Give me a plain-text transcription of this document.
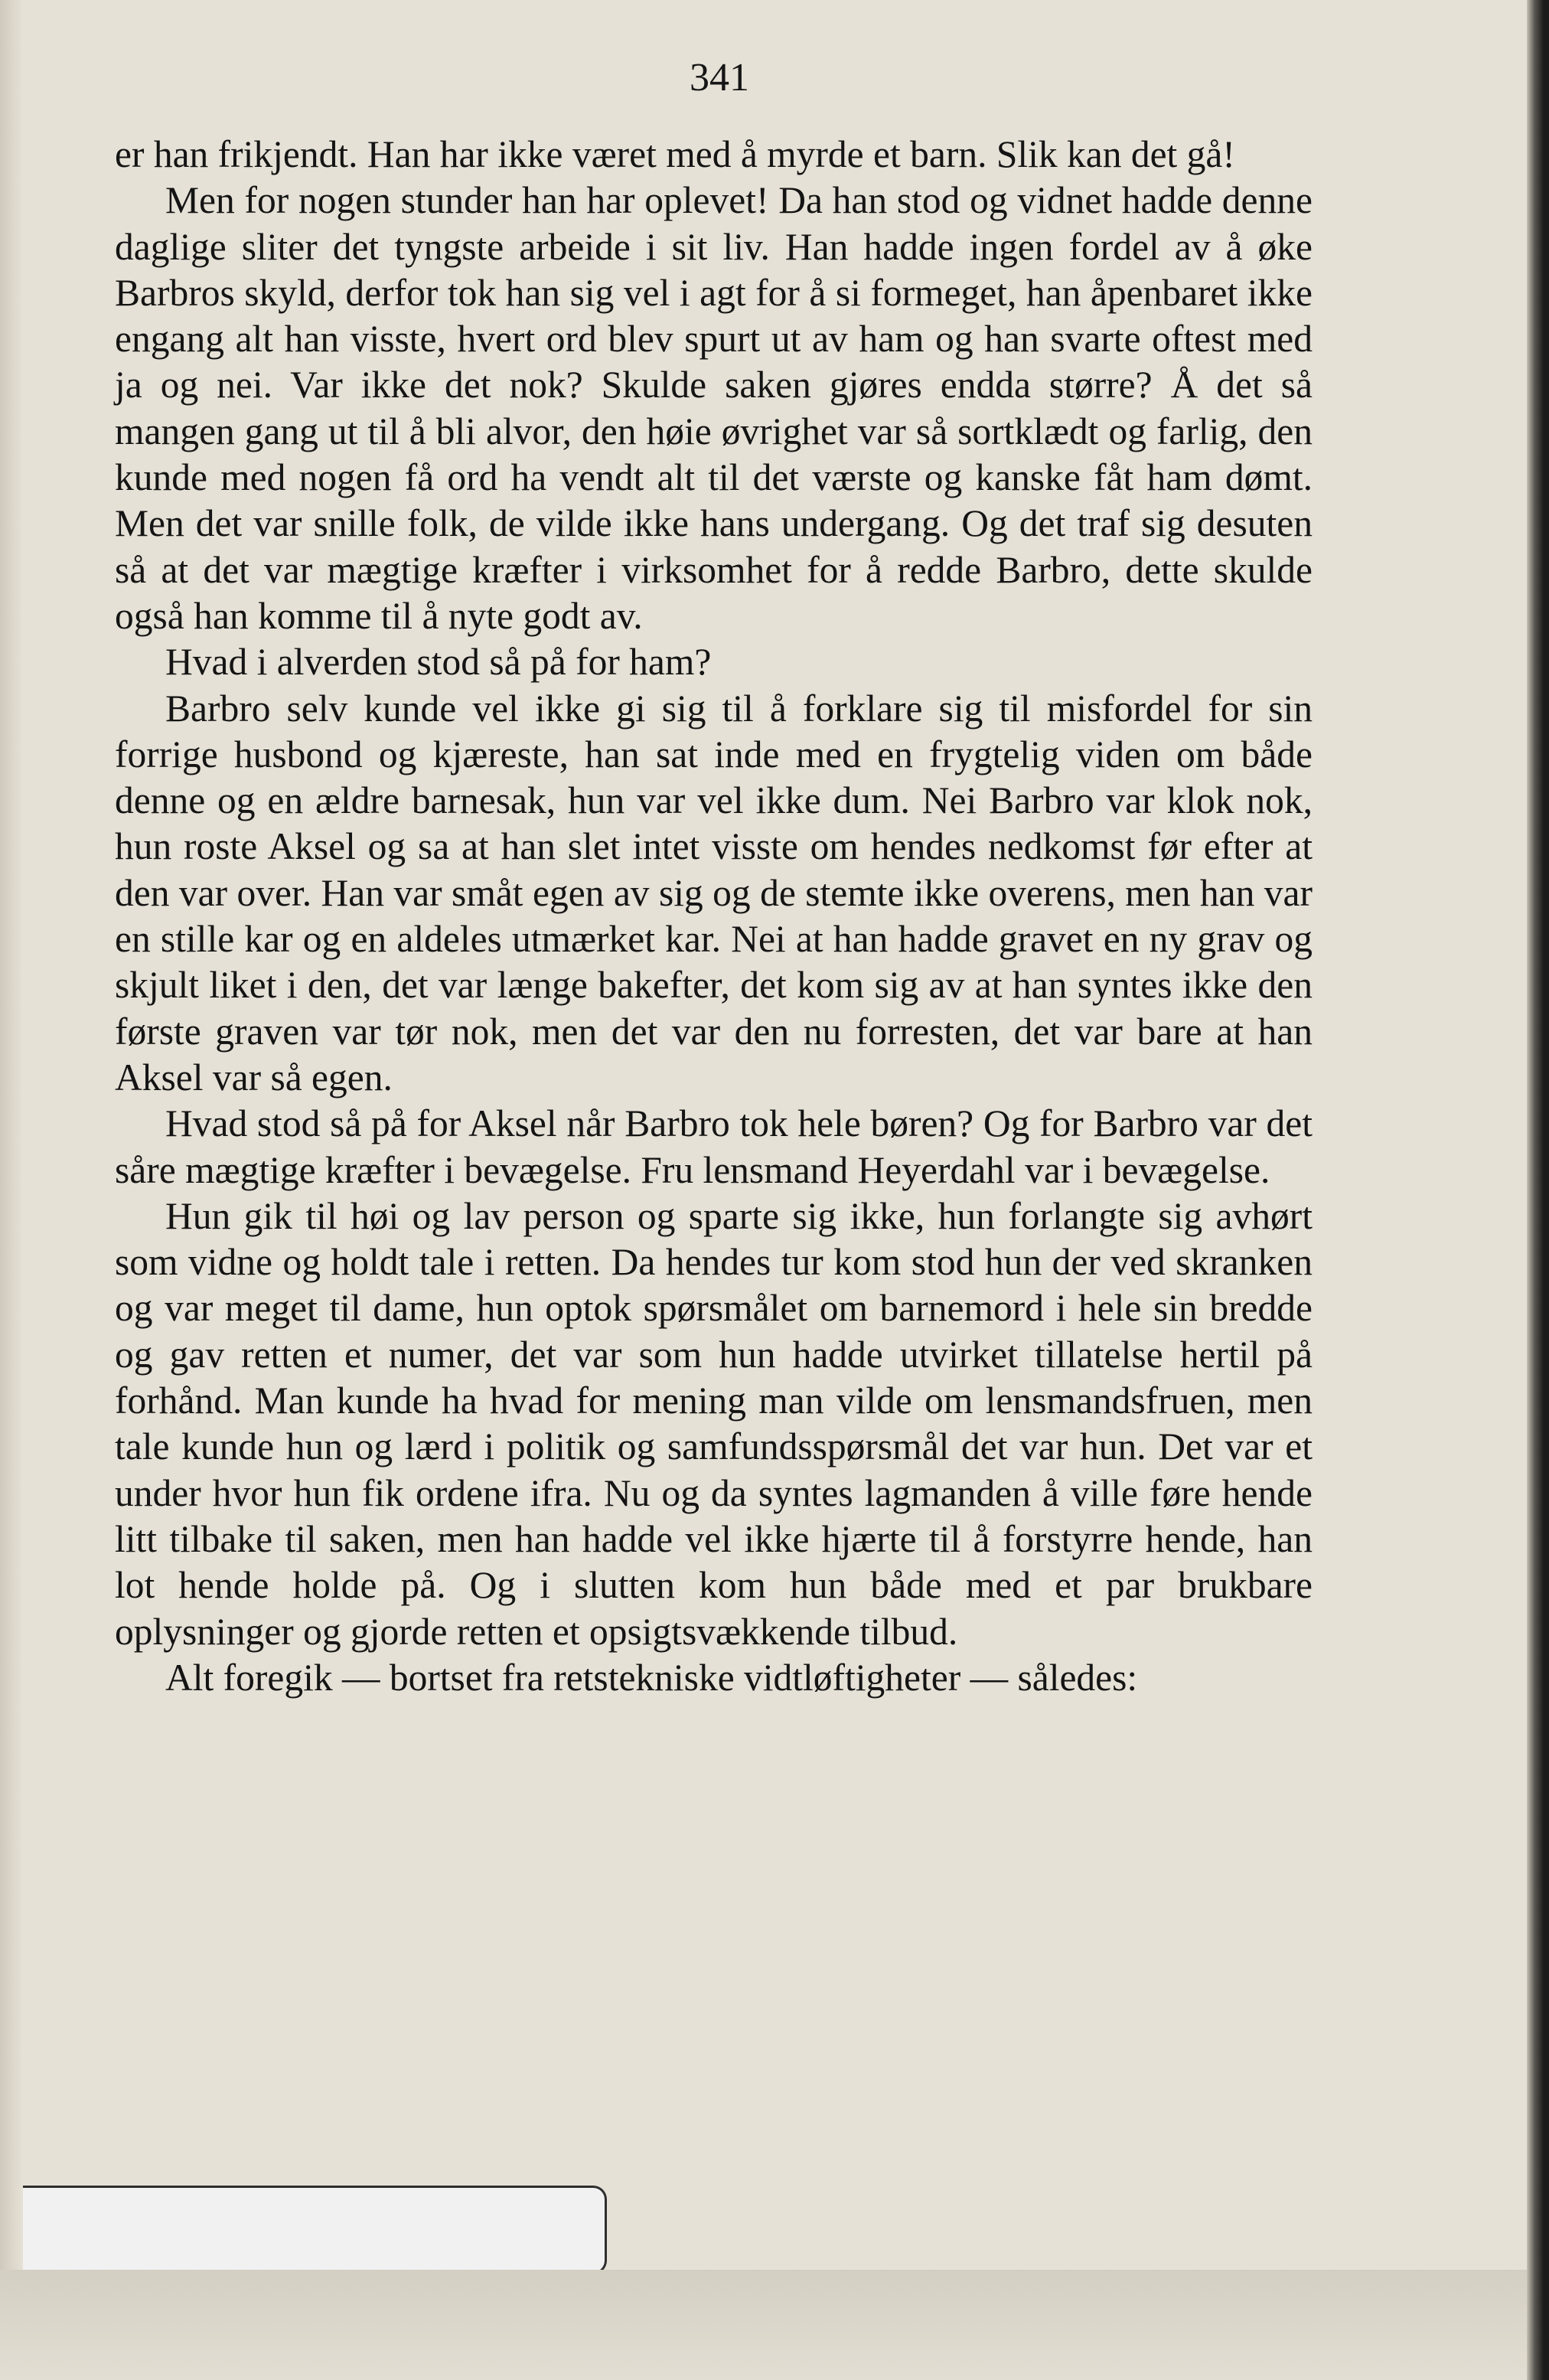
341

er han frikjendt. Han har ikke været med å myrde et barn. Slik kan det gå!

Men for nogen stunder han har oplevet! Da han stod og vidnet hadde denne daglige sliter det tyngste arbeide i sit liv. Han hadde ingen fordel av å øke Barbros skyld, derfor tok han sig vel i agt for å si formeget, han åpenbaret ikke engang alt han visste, hvert ord blev spurt ut av ham og han svarte oftest med ja og nei. Var ikke det nok? Skulde saken gjøres endda større? Å det så mangen gang ut til å bli alvor, den høie øvrighet var så sortklædt og farlig, den kunde med nogen få ord ha vendt alt til det værste og kanske fåt ham dømt. Men det var snille folk, de vilde ikke hans undergang. Og det traf sig desuten så at det var mægtige kræfter i virksomhet for å redde Barbro, dette skulde også han komme til å nyte godt av.

Hvad i alverden stod så på for ham?

Barbro selv kunde vel ikke gi sig til å forklare sig til misfordel for sin forrige husbond og kjæreste, han sat inde med en frygtelig viden om både denne og en ældre barnesak, hun var vel ikke dum. Nei Barbro var klok nok, hun roste Aksel og sa at han slet intet visste om hendes nedkomst før efter at den var over. Han var småt egen av sig og de stemte ikke overens, men han var en stille kar og en aldeles utmærket kar. Nei at han hadde gravet en ny grav og skjult liket i den, det var længe bakefter, det kom sig av at han syntes ikke den første graven var tør nok, men det var den nu forresten, det var bare at han Aksel var så egen.

Hvad stod så på for Aksel når Barbro tok hele børen? Og for Barbro var det såre mægtige kræfter i bevægelse. Fru lensmand Heyerdahl var i bevægelse.

Hun gik til høi og lav person og sparte sig ikke, hun forlangte sig avhørt som vidne og holdt tale i retten. Da hendes tur kom stod hun der ved skranken og var meget til dame, hun optok spørsmålet om barnemord i hele sin bredde og gav retten et numer, det var som hun hadde utvirket tillatelse hertil på forhånd. Man kunde ha hvad for mening man vilde om lensmandsfruen, men tale kunde hun og lærd i politik og samfundsspørsmål det var hun. Det var et under hvor hun fik ordene ifra. Nu og da syntes lagmanden å ville føre hende litt tilbake til saken, men han hadde vel ikke hjærte til å forstyrre hende, han lot hende holde på. Og i slutten kom hun både med et par brukbare oplysninger og gjorde retten et opsigtsvækkende tilbud.

Alt foregik — bortset fra retstekniske vidtløftigheter — således:
